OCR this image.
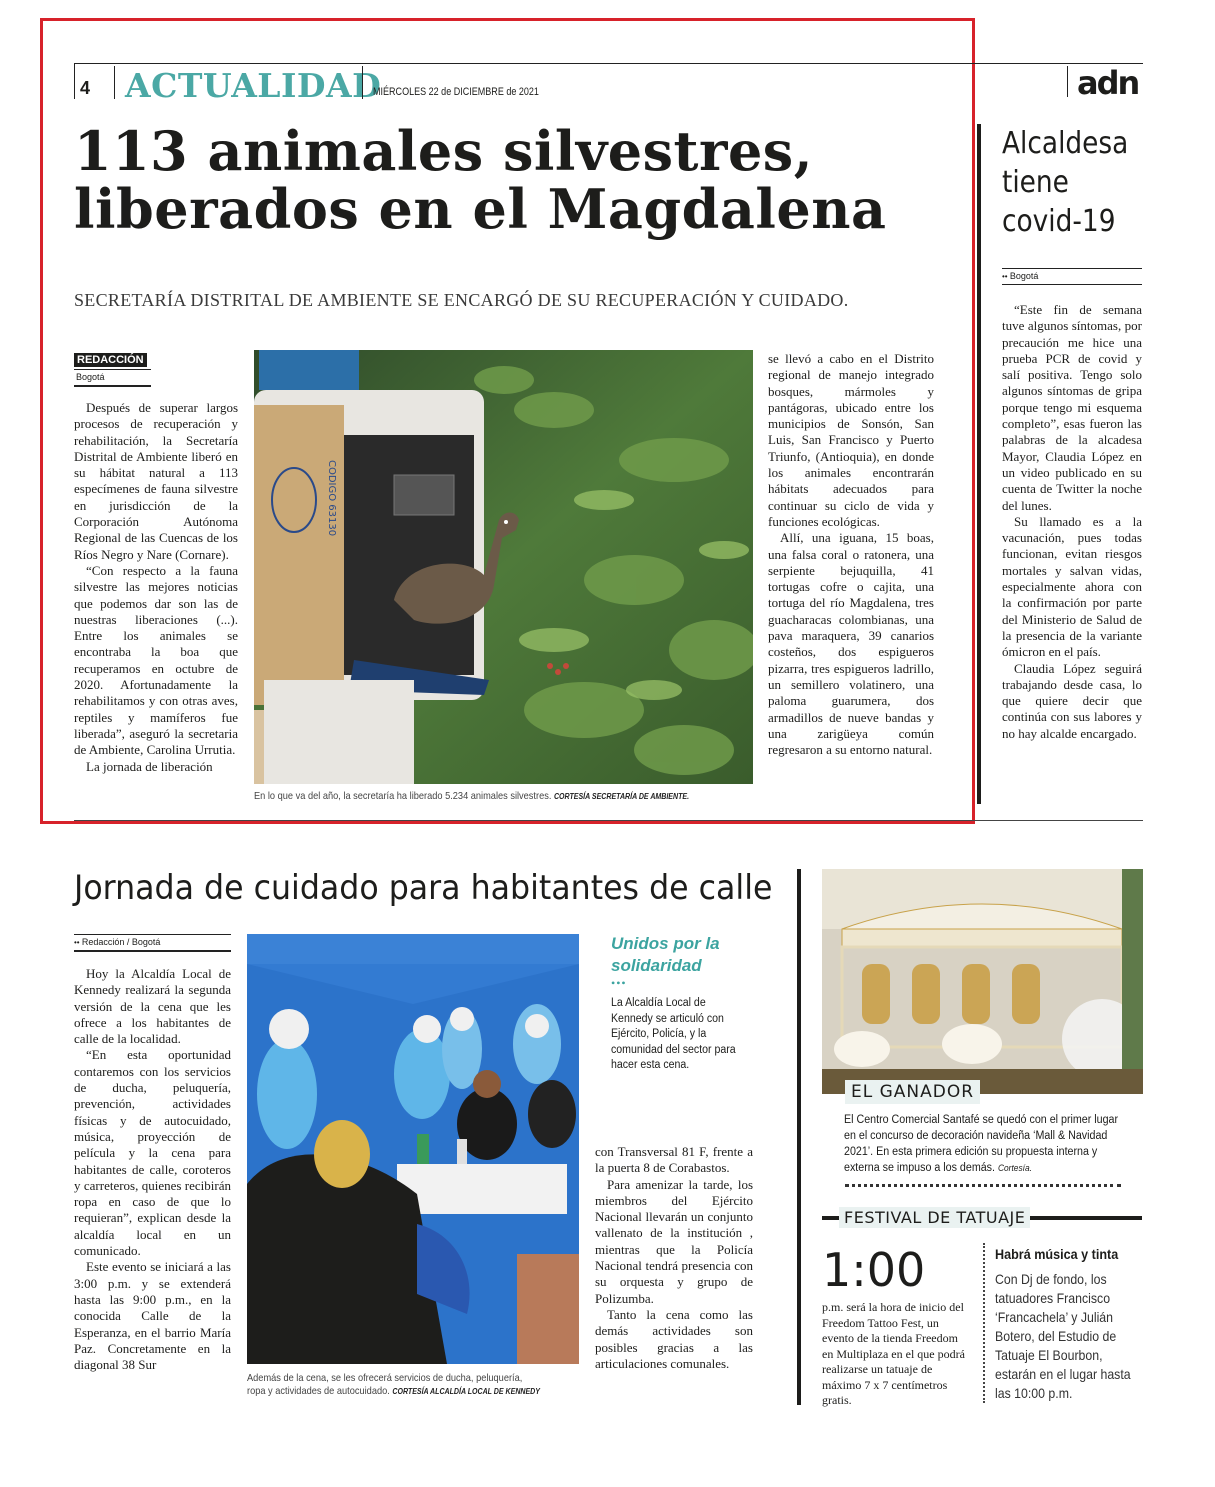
4 ACTUALIDAD
MIÉRCOLES 22 de DICIEMBRE de 2021	adn
113 animales silvestres, liberados en el Magdalena
SECRETARÍA DISTRITAL DE AMBIENTE SE ENCARGÓ DE SU RECUPERACIÓN Y CUIDADO.
REDACCIÓN
Bogotá

Después de superar largos procesos de recuperación y rehabilitación, la Secretaría Distrital de Ambiente liberó en su hábitat natural a 113 especímenes de fauna silvestre en jurisdicción de la Corporación Autónoma Regional de las Cuencas de los Ríos Negro y Nare (Cornare).

“Con respecto a la fauna silvestre las mejores noticias que podemos dar son las de nuestras liberaciones (...). Entre los animales se encontraba la boa que recuperamos en octubre de 2020. Afortunadamente la rehabilitamos y con otras aves, reptiles y mamíferos fue liberada”, aseguró la secretaria de Ambiente, Carolina Urrutia.

La jornada de liberación

CODIGO 63130
En lo que va del año, la secretaría ha liberado 5.234 animales silvestres. CORTESÍA SECRETARÍA DE AMBIENTE.

se llevó a cabo en el Distrito regional de manejo integrado bosques, mármoles y pantágoras, ubicado entre los municipios de Sonsón, San Luis, San Francisco y Puerto Triunfo, (Antioquia), en donde los animales encontrarán hábitats adecuados para continuar su ciclo de vida y funciones ecológicas.

Allí, una iguana, 15 boas, una falsa coral o ratonera, una serpiente bejuquilla, 41 tortugas cofre o cajita, una tortuga del río Magdalena, tres guacharacas colombianas, una pava maraquera, 39 canarios costeños, dos espigueros pizarra, tres espigueros ladrillo, un semillero volatinero, una paloma guarumera, dos armadillos de nueve bandas y una zarigüeya común regresaron a su entorno natural.

Alcaldesa tiene covid-19
•• Bogotá

“Este fin de semana tuve algunos síntomas, por precaución me hice una prueba PCR de covid y salí positiva. Tengo solo algunos síntomas de gripa porque tengo mi esquema completo”, esas fueron las palabras de la alcadesa Mayor, Claudia López en un video publicado en su cuenta de Twitter la noche del lunes.

Su llamado es a la vacunación, pues todas funcionan, evitan riesgos mortales y salvan vidas, especialmente ahora con la confirmación por parte del Ministerio de Salud de la presencia de la variante ómicron en el país.

Claudia López seguirá trabajando desde casa, lo que quiere decir que continúa con sus labores y no hay alcalde encargado.

Jornada de cuidado para habitantes de calle
•• Redacción / Bogotá

Hoy la Alcaldía Local de Kennedy realizará la segunda versión de la cena que les ofrece a los habitantes de calle de la localidad.

“En esta oportunidad contaremos con los servicios de ducha, peluquería, prevención, actividades físicas y de autocuidado, música, proyección de película y la cena para habitantes de calle, coroteros y carreteros, quienes recibirán ropa en caso de que lo requieran”, explican desde la alcaldía local en un comunicado.

Este evento se iniciará a las 3:00 p.m. y se extenderá hasta las 9:00 p.m., en la conocida Calle de la Esperanza, en el barrio María Paz. Concretamente en la diagonal 38 Sur

Además de la cena, se les ofrecerá servicios de ducha, peluquería,
ropa y actividades de autocuidado. CORTESÍA ALCALDÍA LOCAL DE KENNEDY
Unidos por la solidaridad
•••
La Alcaldía Local de Kennedy se articuló con Ejército, Policía, y la comunidad del sector para hacer esta cena.

con Transversal 81 F, frente a la puerta 8 de Corabastos.

Para amenizar la tarde, los miembros del Ejército Nacional llevarán un conjunto vallenato de la institución , mientras que la Policía Nacional tendrá presencia con su orquesta y grupo de Polizumba.

Tanto la cena como las demás actividades son posibles gracias a las articulaciones comunales.

EL GANADOR
El Centro Comercial Santafé se quedó con el primer lugar en el concurso de decoración navideña ‘Mall & Navidad 2021’. En esta primera edición su propuesta interna y externa se impuso a los demás. Cortesía.
FESTIVAL DE TATUAJE
1:00
p.m. será la hora de inicio del Freedom Tattoo Fest, un evento de la tienda Freedom en Multiplaza en el que podrá realizarse un tatuaje de máximo 7 x 7 centímetros gratis.
Habrá música y tinta
Con Dj de fondo, los tatuadores Francisco ‘Francachela’ y Julián Botero, del Estudio de Tatuaje El Bourbon, estarán en el lugar hasta las 10:00 p.m.
